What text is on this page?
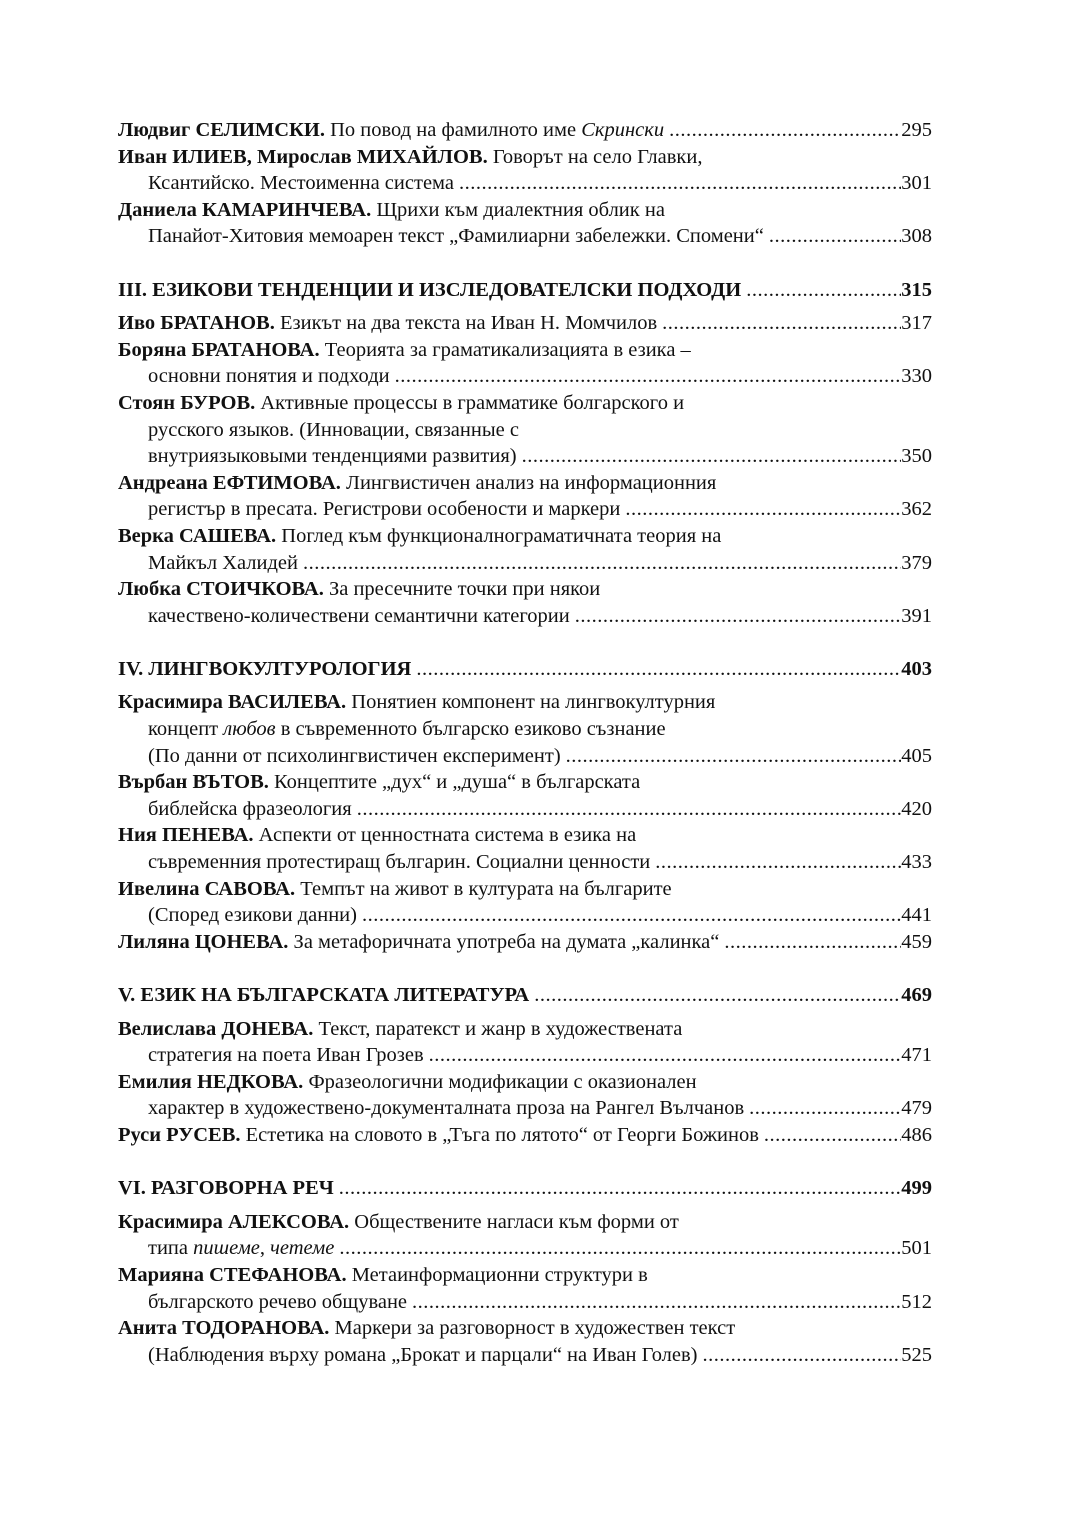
Людвиг СЕЛИМСКИ. По повод на фамилното име Скрински .....	295
Иван ИЛИЕВ, Мирослав МИХАЙЛОВ. Говорът на село Главки,
Ксантийско. Местоименна система .....	301
Даниела КАМАРИНЧЕВА. Щрихи към диалектния облик на
Панайот-Хитовия мемоарен текст „Фамилиарни забележки. Спомени“ .....	308
III. ЕЗИКОВИ ТЕНДЕНЦИИ И ИЗСЛЕДОВАТЕЛСКИ ПОДХОДИ .....	315
Иво БРАТАНОВ. Езикът на два текста на Иван Н. Момчилов .....	317
Боряна БРАТАНОВА. Теорията за граматикализацията в езика –
основни понятия и подходи .....	330
Стоян БУРОВ. Активные процессы в грамматике болгарского и
русского языков. (Инновации, связанные с
внутриязыковыми тенденциями развития) .....	350
Андреана ЕФТИМОВА. Лингвистичен анализ на информационния
регистър в пресата. Регистрови особености и маркери .....	362
Верка САШЕВА. Поглед към функционалнограматичната теория на
Майкъл Халидей .....	379
Любка СТОИЧКОВА. За пресечните точки при някои
качествено-количествени семантични категории .....	391
IV. ЛИНГВОКУЛТУРОЛОГИЯ .....	403
Красимира ВАСИЛЕВА. Понятиен компонент на лингвокултурния
концепт любов в съвременното българско езиково съзнание
(По данни от психолингвистичен експеримент) .....	405
Върбан ВЪТОВ. Концептите „дух“ и „душа“ в българската
библейска фразеология .....	420
Ния ПЕНЕВА. Аспекти от ценностната система в езика на
съвременния протестиращ българин. Социални ценности .....	433
Ивелина САВОВА. Темпът на живот в културата на българите
(Според езикови данни) .....	441
Лиляна ЦОНЕВА. За метафоричната употреба на думата „калинка“ .....	459
V. ЕЗИК НА БЪЛГАРСКАТА ЛИТЕРАТУРА .....	469
Велислава ДОНЕВА. Текст, паратекст и жанр в художествената
стратегия на поета Иван Грозев .....	471
Емилия НЕДКОВА. Фразеологични модификации с оказионален
характер в художествено-документалната проза на Рангел Вълчанов .....	479
Руси РУСЕВ. Естетика на словото в „Тъга по лятото“ от Георги Божинов .....	486
VI. РАЗГОВОРНА РЕЧ .....	499
Красимира АЛЕКСОВА. Обществените нагласи към форми от
типа пишеме, четеме .....	501
Марияна СТЕФАНОВА. Метаинформационни структури в
българското речево общуване .....	512
Анита ТОДОРАНОВА. Маркери за разговорност в художествен текст
(Наблюдения върху романа „Брокат и парцали“ на Иван Голев) .....	525
